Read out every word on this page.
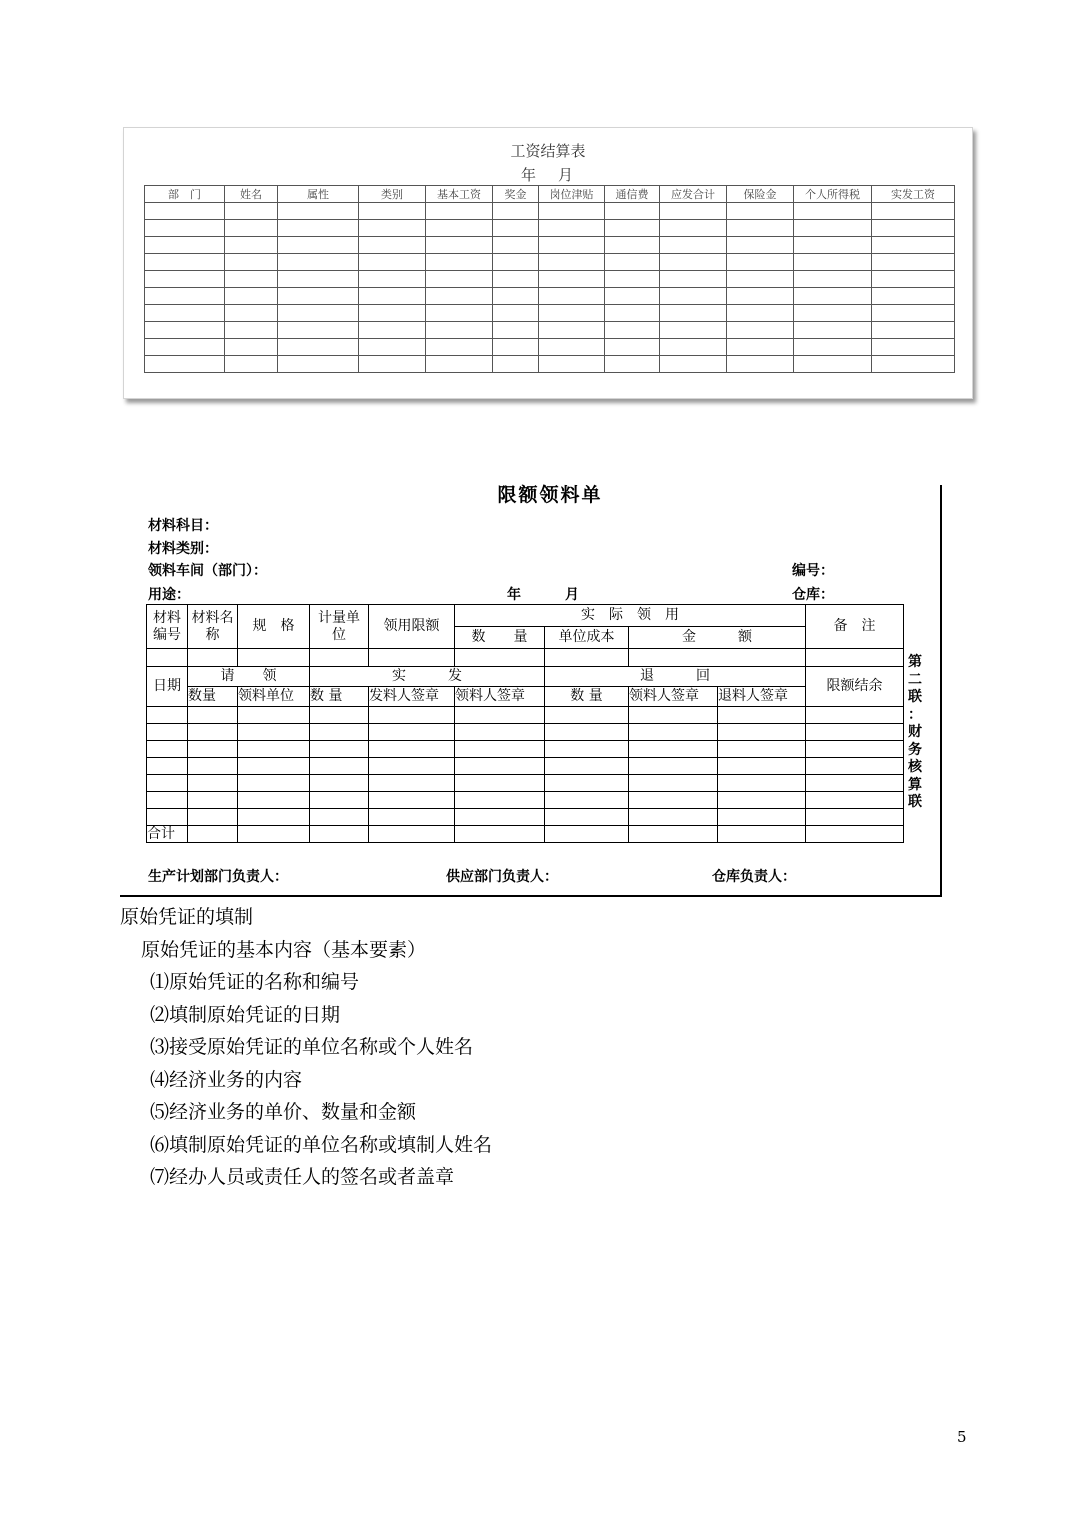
工资结算表
年 月
部　门	姓名	属性	类别	基本工资	奖金	岗位津贴	通信费	应发合计	保险金	个人所得税	实发工资

限额领料单
材料科目：
材料类别：
领料车间（部门）：	编号：
用途：	年	月	仓库：
材料编号	材料名称	规　格	计量单位	领用限额	实　际　领　用				备　注
					数　　量	单位成本	金　　　额		

日期	请　　领		实　　　发			退　　　回			限额结余
	数量	领料单位	数 量	发料人签章	领料人签章	数 量	领料人签章	退料人签章	

合计									
第
二
联
：
财
务
核
算
联
生产计划部门负责人：	供应部门负责人：	仓库负责人：
原始凭证的填制
原始凭证的基本内容（基本要素）
⑴原始凭证的名称和编号
⑵填制原始凭证的日期
⑶接受原始凭证的单位名称或个人姓名
⑷经济业务的内容
⑸经济业务的单价、数量和金额
⑹填制原始凭证的单位名称或填制人姓名
⑺经办人员或责任人的签名或者盖章
5
